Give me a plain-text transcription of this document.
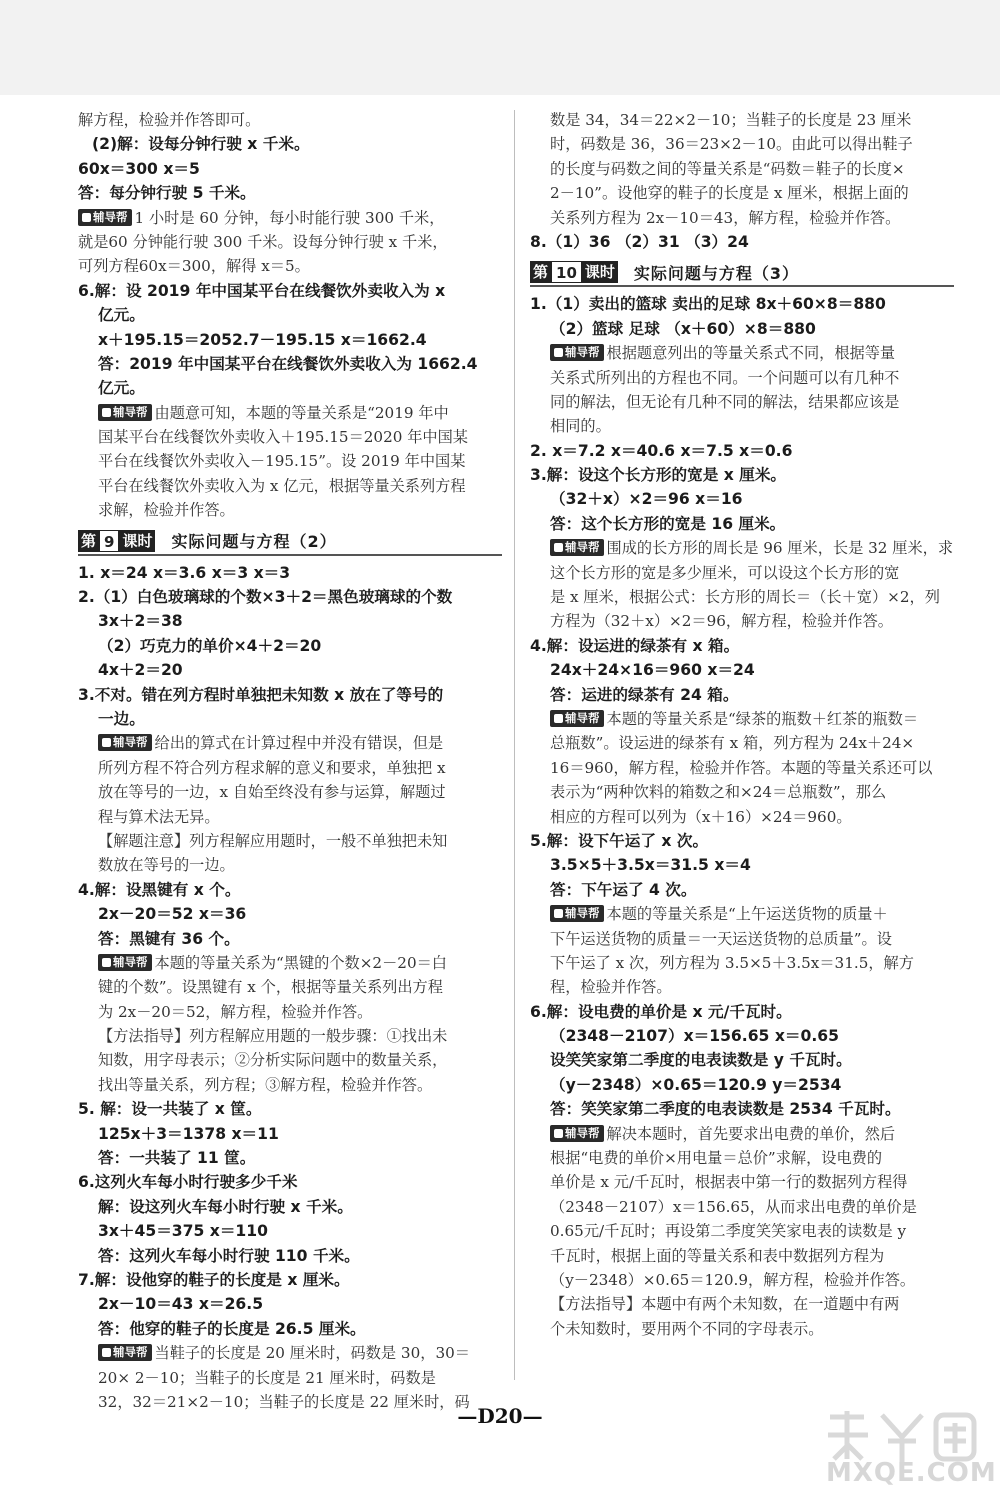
解方程，检验并作答即可。
(2)解：设每分钟行驶 x 千米。
60x＝300 x＝5
答：每分钟行驶 5 千米。
辅导帮 1 小时是 60 分钟，每小时能行驶 300 千米，
就是60 分钟能行驶 300 千米。设每分钟行驶 x 千米，
可列方程60x＝300，解得 x＝5。
6.解：设 2019 年中国某平台在线餐饮外卖收入为 x
亿元。
x＋195.15＝2052.7－195.15 x＝1662.4
答：2019 年中国某平台在线餐饮外卖收入为 1662.4
亿元。
辅导帮 由题意可知，本题的等量关系是“2019 年中
国某平台在线餐饮外卖收入＋195.15＝2020 年中国某
平台在线餐饮外卖收入－195.15”。设 2019 年中国某
平台在线餐饮外卖收入为 x 亿元，根据等量关系列方程
求解，检验并作答。
第 9 课时 实际问题与方程（2）
1. x＝24 x＝3.6 x＝3 x＝3
2.（1）白色玻璃球的个数×3＋2＝黑色玻璃球的个数
3x＋2＝38
（2）巧克力的单价×4＋2＝20
4x＋2＝20
3.不对。错在列方程时单独把未知数 x 放在了等号的
一边。
辅导帮 给出的算式在计算过程中并没有错误，但是
所列方程不符合列方程求解的意义和要求，单独把 x
放在等号的一边，x 自始至终没有参与运算，解题过
程与算术法无异。
【解题注意】列方程解应用题时，一般不单独把未知
数放在等号的一边。
4.解：设黑键有 x 个。
2x－20＝52 x＝36
答：黑键有 36 个。
辅导帮 本题的等量关系为“黑键的个数×2－20＝白
键的个数”。设黑键有 x 个，根据等量关系列出方程
为 2x－20＝52，解方程，检验并作答。
【方法指导】列方程解应用题的一般步骤：①找出未
知数，用字母表示；②分析实际问题中的数量关系，
找出等量关系，列方程；③解方程，检验并作答。
5. 解：设一共装了 x 筐。
125x＋3＝1378 x＝11
答：一共装了 11 筐。
6.这列火车每小时行驶多少千米
解：设这列火车每小时行驶 x 千米。
3x＋45＝375 x＝110
答：这列火车每小时行驶 110 千米。
7.解：设他穿的鞋子的长度是 x 厘米。
2x－10＝43 x＝26.5
答：他穿的鞋子的长度是 26.5 厘米。
辅导帮 当鞋子的长度是 20 厘米时，码数是 30，30＝
20× 2－10；当鞋子的长度是 21 厘米时，码数是
32，32＝21×2－10；当鞋子的长度是 22 厘米时，码
数是 34，34＝22×2－10；当鞋子的长度是 23 厘米
时，码数是 36，36＝23×2－10。由此可以得出鞋子
的长度与码数之间的等量关系是“码数＝鞋子的长度×
2－10”。设他穿的鞋子的长度是 x 厘米，根据上面的
关系列方程为 2x－10＝43，解方程，检验并作答。
8.（1）36 （2）31 （3）24
第 10 课时 实际问题与方程（3）
1.（1）卖出的篮球 卖出的足球 8x＋60×8＝880
（2）篮球 足球 （x＋60）×8＝880
辅导帮 根据题意列出的等量关系式不同，根据等量
关系式所列出的方程也不同。一个问题可以有几种不
同的解法，但无论有几种不同的解法，结果都应该是
相同的。
2. x＝7.2 x＝40.6 x＝7.5 x＝0.6
3.解：设这个长方形的宽是 x 厘米。
（32＋x）×2＝96 x＝16
答：这个长方形的宽是 16 厘米。
辅导帮 围成的长方形的周长是 96 厘米，长是 32 厘米，求
这个长方形的宽是多少厘米，可以设这个长方形的宽
是 x 厘米，根据公式：长方形的周长＝（长＋宽）×2，列
方程为（32＋x）×2＝96，解方程，检验并作答。
4.解：设运进的绿茶有 x 箱。
24x＋24×16＝960 x＝24
答：运进的绿茶有 24 箱。
辅导帮 本题的等量关系是“绿茶的瓶数＋红茶的瓶数＝
总瓶数”。设运进的绿茶有 x 箱，列方程为 24x＋24×
16＝960，解方程，检验并作答。本题的等量关系还可以
表示为“两种饮料的箱数之和×24＝总瓶数”，那么
相应的方程可以列为（x＋16）×24＝960。
5.解：设下午运了 x 次。
3.5×5＋3.5x＝31.5 x＝4
答：下午运了 4 次。
辅导帮 本题的等量关系是“上午运送货物的质量＋
下午运送货物的质量＝一天运送货物的总质量”。设
下午运了 x 次，列方程为 3.5×5＋3.5x＝31.5，解方
程，检验并作答。
6.解：设电费的单价是 x 元/千瓦时。
（2348－2107）x＝156.65 x＝0.65
设笑笑家第二季度的电表读数是 y 千瓦时。
（y－2348）×0.65＝120.9 y＝2534
答：笑笑家第二季度的电表读数是 2534 千瓦时。
辅导帮 解决本题时，首先要求出电费的单价，然后
根据“电费的单价×用电量＝总价”求解，设电费的
单价是 x 元/千瓦时，根据表中第一行的数据列方程得
（2348－2107）x＝156.65，从而求出电费的单价是
0.65元/千瓦时；再设第二季度笑笑家电表的读数是 y
千瓦时，根据上面的等量关系和表中数据列方程为
（y－2348）×0.65＝120.9，解方程，检验并作答。
【方法指导】本题中有两个未知数，在一道题中有两
个未知数时，要用两个不同的字母表示。
—D20—
MXQE.COM
